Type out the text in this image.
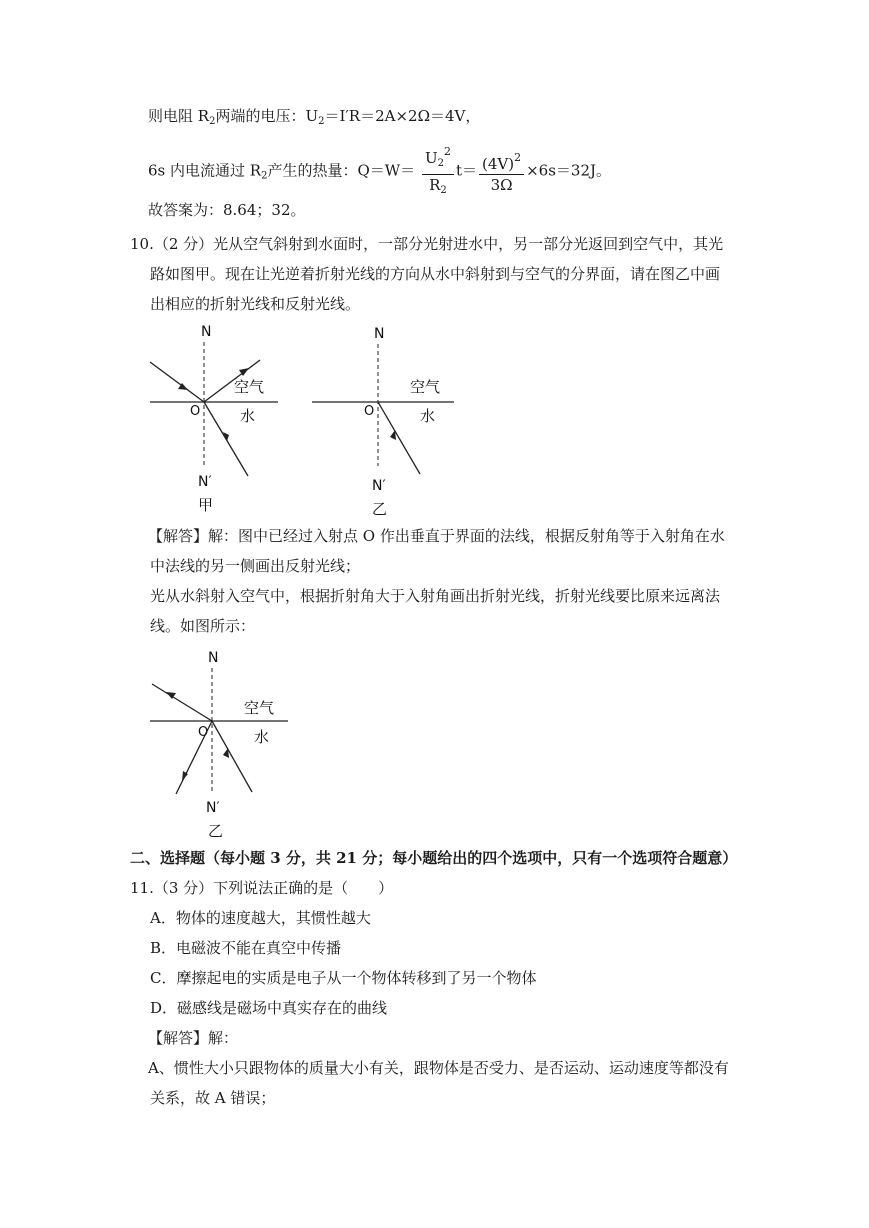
则电阻 $R_2$两端的电压：$U_2=I'R=2A\times 2\Omega=4V$，
6s 内电流通过 $R_2$产生的热量：$Q=W= \frac{U_2^2}{R_2} t= \frac{(4V)^2}{3\Omega} \times 6s=32J$。
故答案为：8.64；32。
10.（2 分）光从空气斜射到水面时，一部分光射进水中，另一部分光返回到空气中，其光
路如图甲。现在让光逆着折射光线的方向从水中斜射到与空气的分界面，请在图乙中画
出相应的折射光线和反射光线。
N
空气
O	水
N′
甲
N
空气
O	水
N′
乙
【解答】解：图中已经过入射点 O 作出垂直于界面的法线，根据反射角等于入射角在水
中法线的另一侧画出反射光线；
光从水斜射入空气中，根据折射角大于入射角画出折射光线，折射光线要比原来远离法
线。如图所示：
N
空气
O	水
N′
乙
二、选择题（每小题 3 分，共 21 分；每小题给出的四个选项中，只有一个选项符合题意）
11.（3 分）下列说法正确的是（　　）
A．物体的速度越大，其惯性越大
B．电磁波不能在真空中传播
C．摩擦起电的实质是电子从一个物体转移到了另一个物体
D．磁感线是磁场中真实存在的曲线
【解答】解：
A、惯性大小只跟物体的质量大小有关，跟物体是否受力、是否运动、运动速度等都没有
关系，故 A 错误；
